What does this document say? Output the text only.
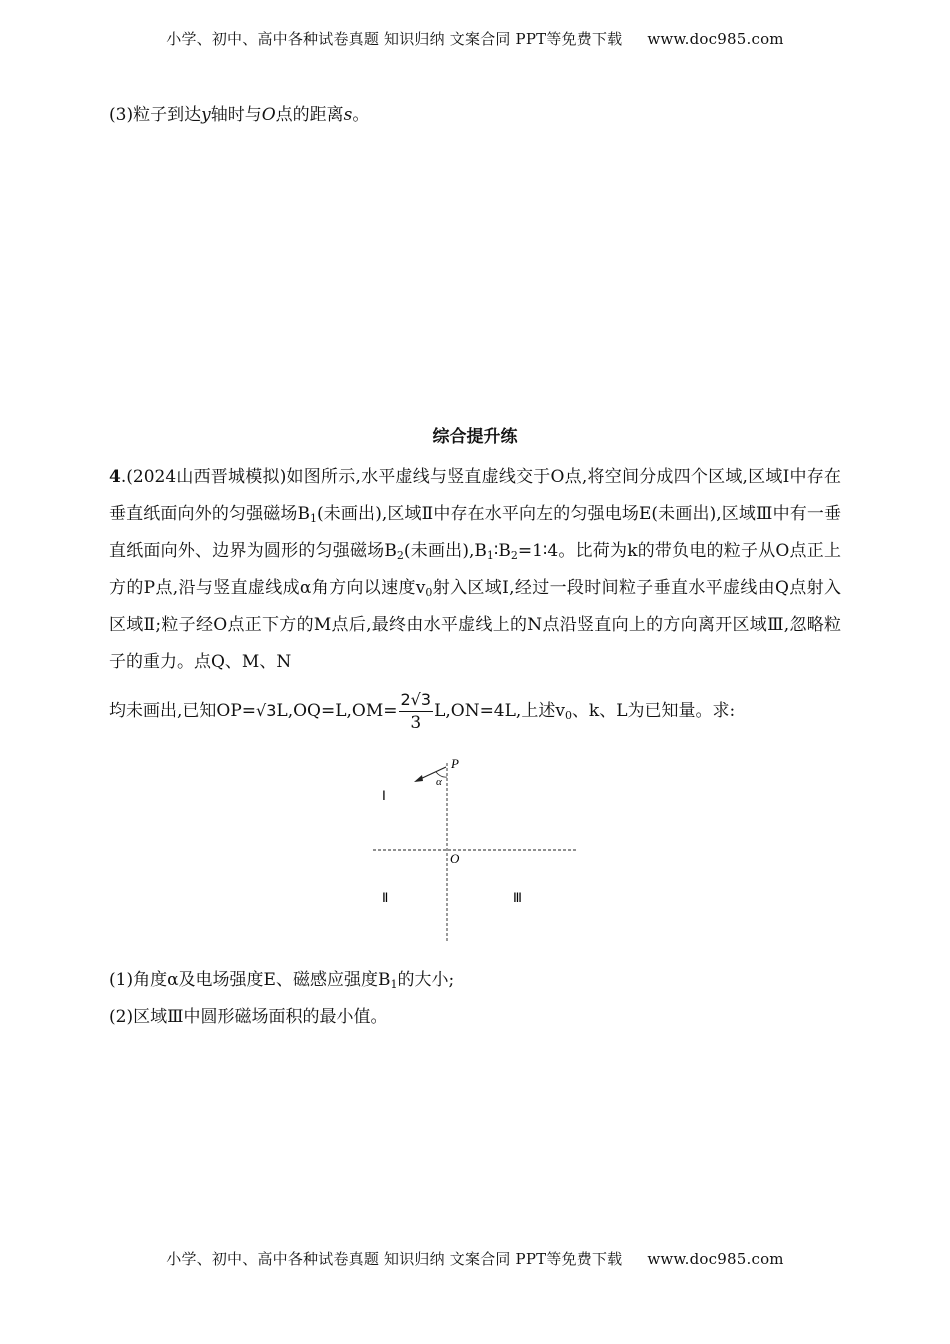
小学、初中、高中各种试卷真题 知识归纳 文案合同 PPT等免费下载 www.doc985.com
(3)粒子到达y轴时与O点的距离s。
综合提升练

4.(2024山西晋城模拟)如图所示,水平虚线与竖直虚线交于O点,将空间分成四个区域,区域Ⅰ中存在垂直纸面向外的匀强磁场$B_1$(未画出),区域Ⅱ中存在水平向左的匀强电场E(未画出),区域Ⅲ中有一垂直纸面向外、边界为圆形的匀强磁场$B_2$(未画出)$,B_1∶B_2=1∶4$。比荷为k的带负电的粒子从O点正上方的P点,沿与竖直虚线成α角方向以速度$v_0$射入区域Ⅰ,经过一段时间粒子垂直水平虚线由Q点射入区域Ⅱ;粒子经O点正下方的M点后,最终由水平虚线上的N点沿竖直向上的方向离开区域Ⅲ,忽略粒子的重力。点Q、M、N

均未画出,已知$OP=√3L,OQ=L,OM= \frac{2√3}{3} L,ON=4L$,上述$v_0$、k、L为已知量。求:

P
α
O
Ⅰ
Ⅱ	Ⅲ

(1)角度α及电场强度E、磁感应强度$B_1$的大小;

(2)区域Ⅲ中圆形磁场面积的最小值。

小学、初中、高中各种试卷真题 知识归纳 文案合同 PPT等免费下载 www.doc985.com
